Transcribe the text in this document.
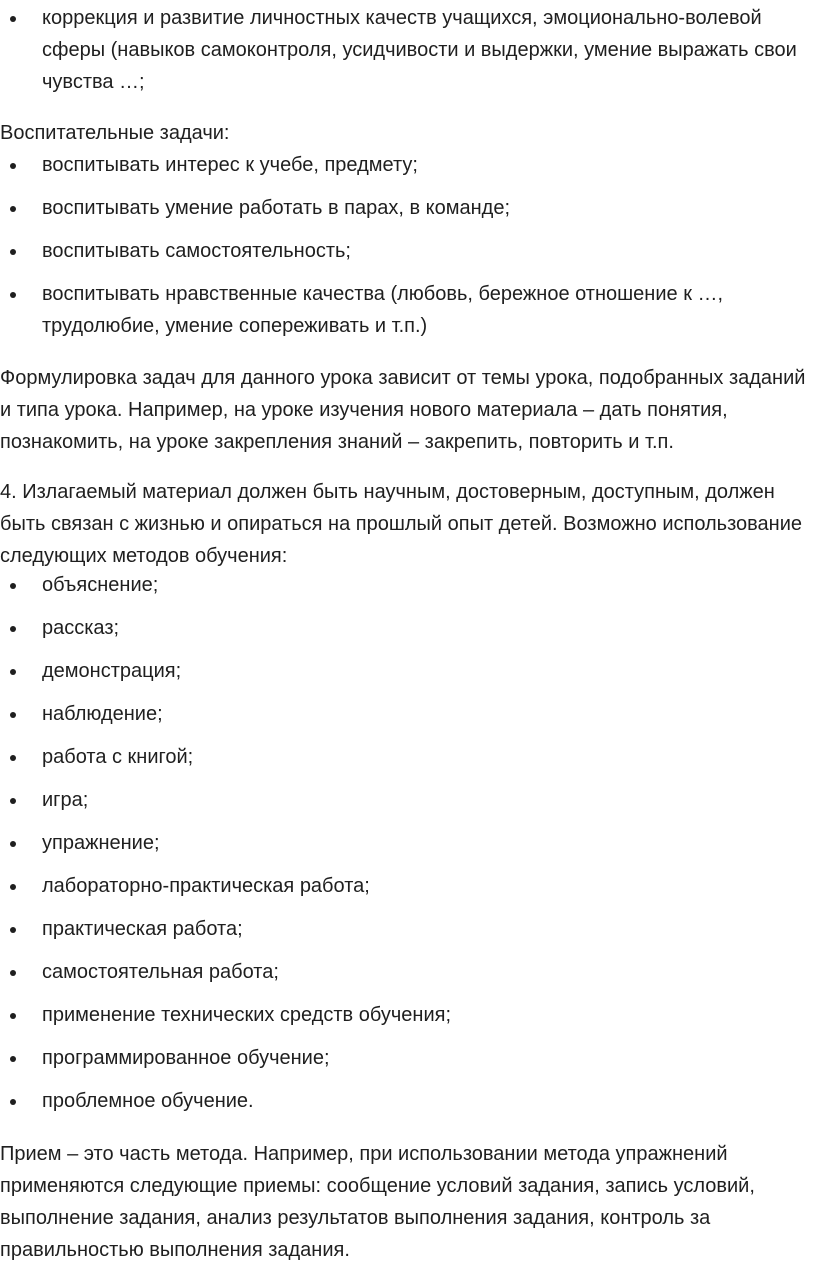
коррекция и развитие личностных качеств учащихся, эмоционально-волевой сферы (навыков самоконтроля, усидчивости и выдержки, умение выражать свои чувства …;

Воспитательные задачи:

воспитывать интерес к учебе, предмету;
воспитывать умение работать в парах, в команде;
воспитывать самостоятельность;
воспитывать нравственные качества (любовь, бережное отношение к …, трудолюбие, умение сопереживать и т.п.)

Формулировка задач для данного урока зависит от темы урока, подобранных заданий и типа урока. Например, на уроке изучения нового материала – дать понятия, познакомить, на уроке закрепления знаний – закрепить, повторить и т.п.

4. Излагаемый материал должен быть научным, достоверным, доступным, должен быть связан с жизнью и опираться на прошлый опыт детей. Возможно использование следующих методов обучения:

объяснение;
рассказ;
демонстрация;
наблюдение;
работа с книгой;
игра;
упражнение;
лабораторно-практическая работа;
практическая работа;
самостоятельная работа;
применение технических средств обучения;
программированное обучение;
проблемное обучение.

Прием – это часть метода. Например, при использовании метода упражнений применяются следующие приемы: сообщение условий задания, запись условий, выполнение задания, анализ результатов выполнения задания, контроль за правильностью выполнения задания.
